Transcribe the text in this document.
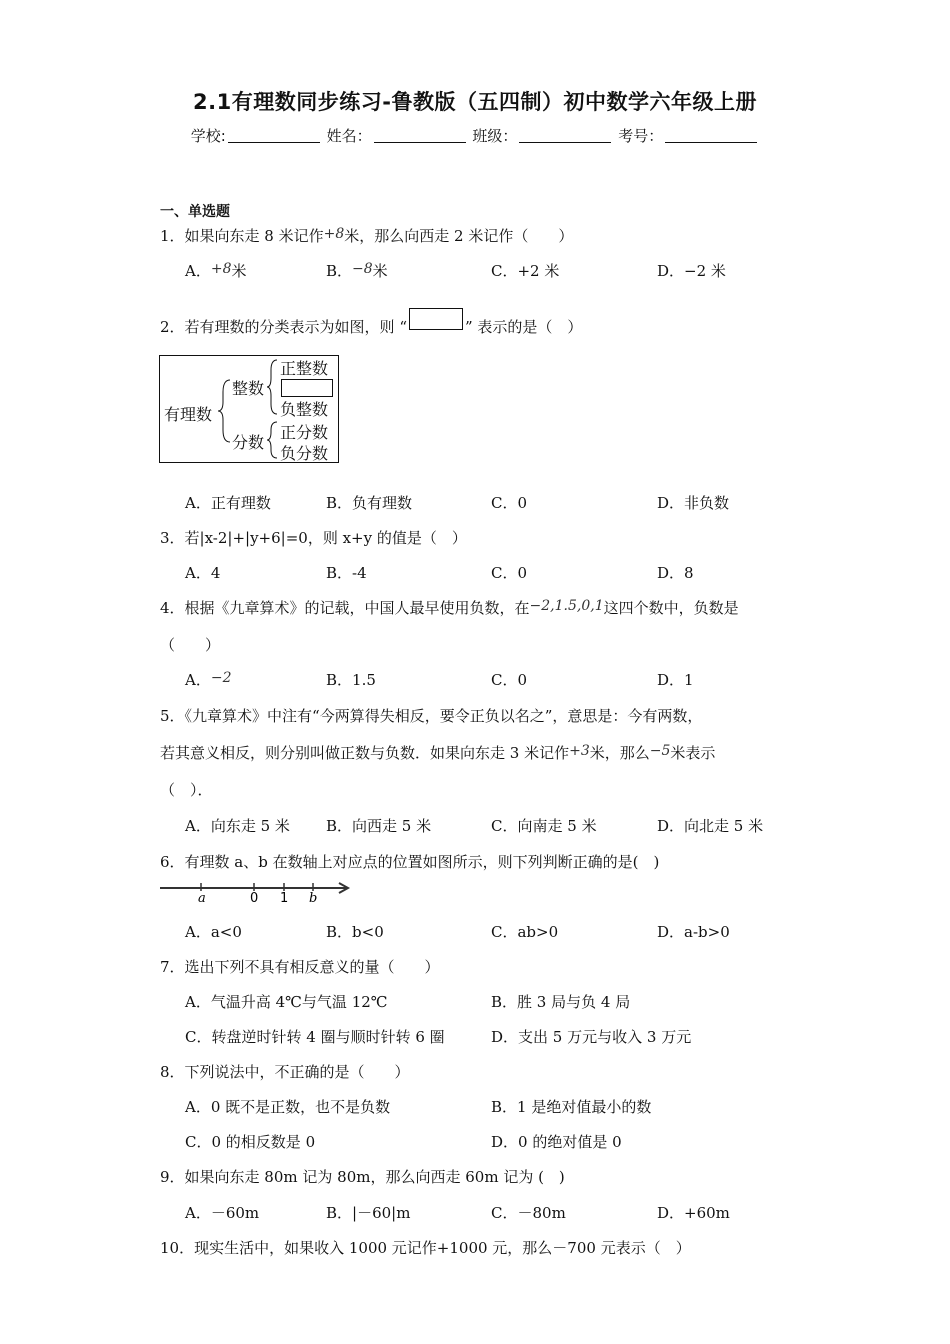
2.1有理数同步练习-鲁教版（五四制）初中数学六年级上册
学校:	姓名：	班级：	考号：
一、单选题
1．如果向东走 8 米记作+8米，那么向西走 2 米记作（　　）
A．+8米	B．−8米	C．+2 米	D．−2 米
2．若有理数的分类表示为如图，则 “	” 表示的是（　）
有理数
整数
分数
正整数
负整数
正分数
负分数
A．正有理数	B．负有理数	C．0	D．非负数
3．若|x-2|+|y+6|=0，则 x+y 的值是（　）
A．4	B．-4	C．0	D．8
4．根据《九章算术》的记载，中国人最早使用负数，在−2,1.5,0,1这四个数中，负数是
（　　）
A．−2	B．1.5	C．0	D．1
5．《九章算术》中注有“今两算得失相反，要令正负以名之”，意思是：今有两数，
若其意义相反，则分别叫做正数与负数．如果向东走 3 米记作+3米，那么−5米表示
（　）．
A．向东走 5 米 B．向西走 5 米	C．向南走 5 米	D．向北走 5 米
6．有理数 a、b 在数轴上对应点的位置如图所示，则下列判断正确的是(　)
a	0 1 b
A．a<0	B．b<0	C．ab>0	D．a-b>0
7．选出下列不具有相反意义的量（　　）
A．气温升高 4℃与气温 12℃	B．胜 3 局与负 4 局
C．转盘逆时针转 4 圈与顺时针转 6 圈	D．支出 5 万元与收入 3 万元
8．下列说法中，不正确的是（　　）
A．0 既不是正数，也不是负数	B．1 是绝对值最小的数
C．0 的相反数是 0	D．0 的绝对值是 0
9．如果向东走 80m 记为 80m，那么向西走 60m 记为 (　)
A．－60m	B．|－60|m	C．－80m	D．+60m
10．现实生活中，如果收入 1000 元记作+1000 元，那么－700 元表示（　）
